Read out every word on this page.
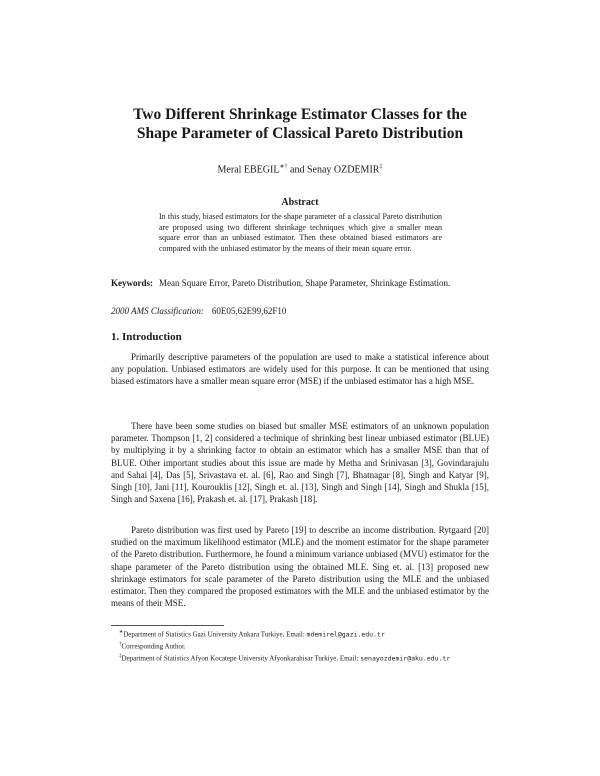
Two Different Shrinkage Estimator Classes for the
Shape Parameter of Classical Pareto Distribution
Meral EBEGIL∗† and Senay OZDEMIR‡
Abstract

In this study, biased estimators for the shape parameter of a classical Pareto distribution are proposed using two different shrinkage techniques which give a smaller mean square error than an unbiased estimator. Then these obtained biased estimators are compared with the unbiased estimator by the means of their mean square error.

Keywords: Mean Square Error, Pareto Distribution, Shape Parameter, Shrinkage Estimation.

2000 AMS Classification: 60E05,62E99,62F10

1. Introduction

Primarily descriptive parameters of the population are used to make a statistical inference about any population. Unbiased estimators are widely used for this purpose. It can be mentioned that using biased estimators have a smaller mean square error (MSE) if the unbiased estimator has a high MSE.

There have been some studies on biased but smaller MSE estimators of an unknown population parameter. Thompson [1, 2] considered a technique of shrinking best linear unbiased estimator (BLUE) by multiplying it by a shrinking factor to obtain an estimator which has a smaller MSE than that of BLUE. Other important studies about this issue are made by Metha and Srinivasan [3], Govindarajulu and Sahai [4], Das [5], Srivastava et. al. [6], Rao and Singh [7], Bhatnagar [8], Singh and Katyar [9], Singh [10], Jani [11], Kourouklis [12], Singh et. al. [13], Singh and Singh [14], Singh and Shukla [15], Singh and Saxena [16], Prakash et. al. [17], Prakash [18].

Pareto distribution was first used by Pareto [19] to describe an income distribution. Rytgaard [20] studied on the maximum likelihood estimator (MLE) and the moment estimator for the shape parameter of the Pareto distribution. Furthermore, he found a minimum variance unbiased (MVU) estimator for the shape parameter of the Pareto distribution using the obtained MLE. Sing et. al. [13] proposed new shrinkage estimators for scale parameter of the Pareto distribution using the MLE and the unbiased estimator. Then they compared the proposed estimators with the MLE and the unbiased estimator by the means of their MSE.

∗Department of Statistics Gazi University Ankara Turkiye, Email: mdemirel@gazi.edu.tr

†Corresponding Author.

‡Department of Statistics Afyon Kocatepe University Afyonkarahisar Turkiye, Email: senayozdemir@aku.edu.tr
